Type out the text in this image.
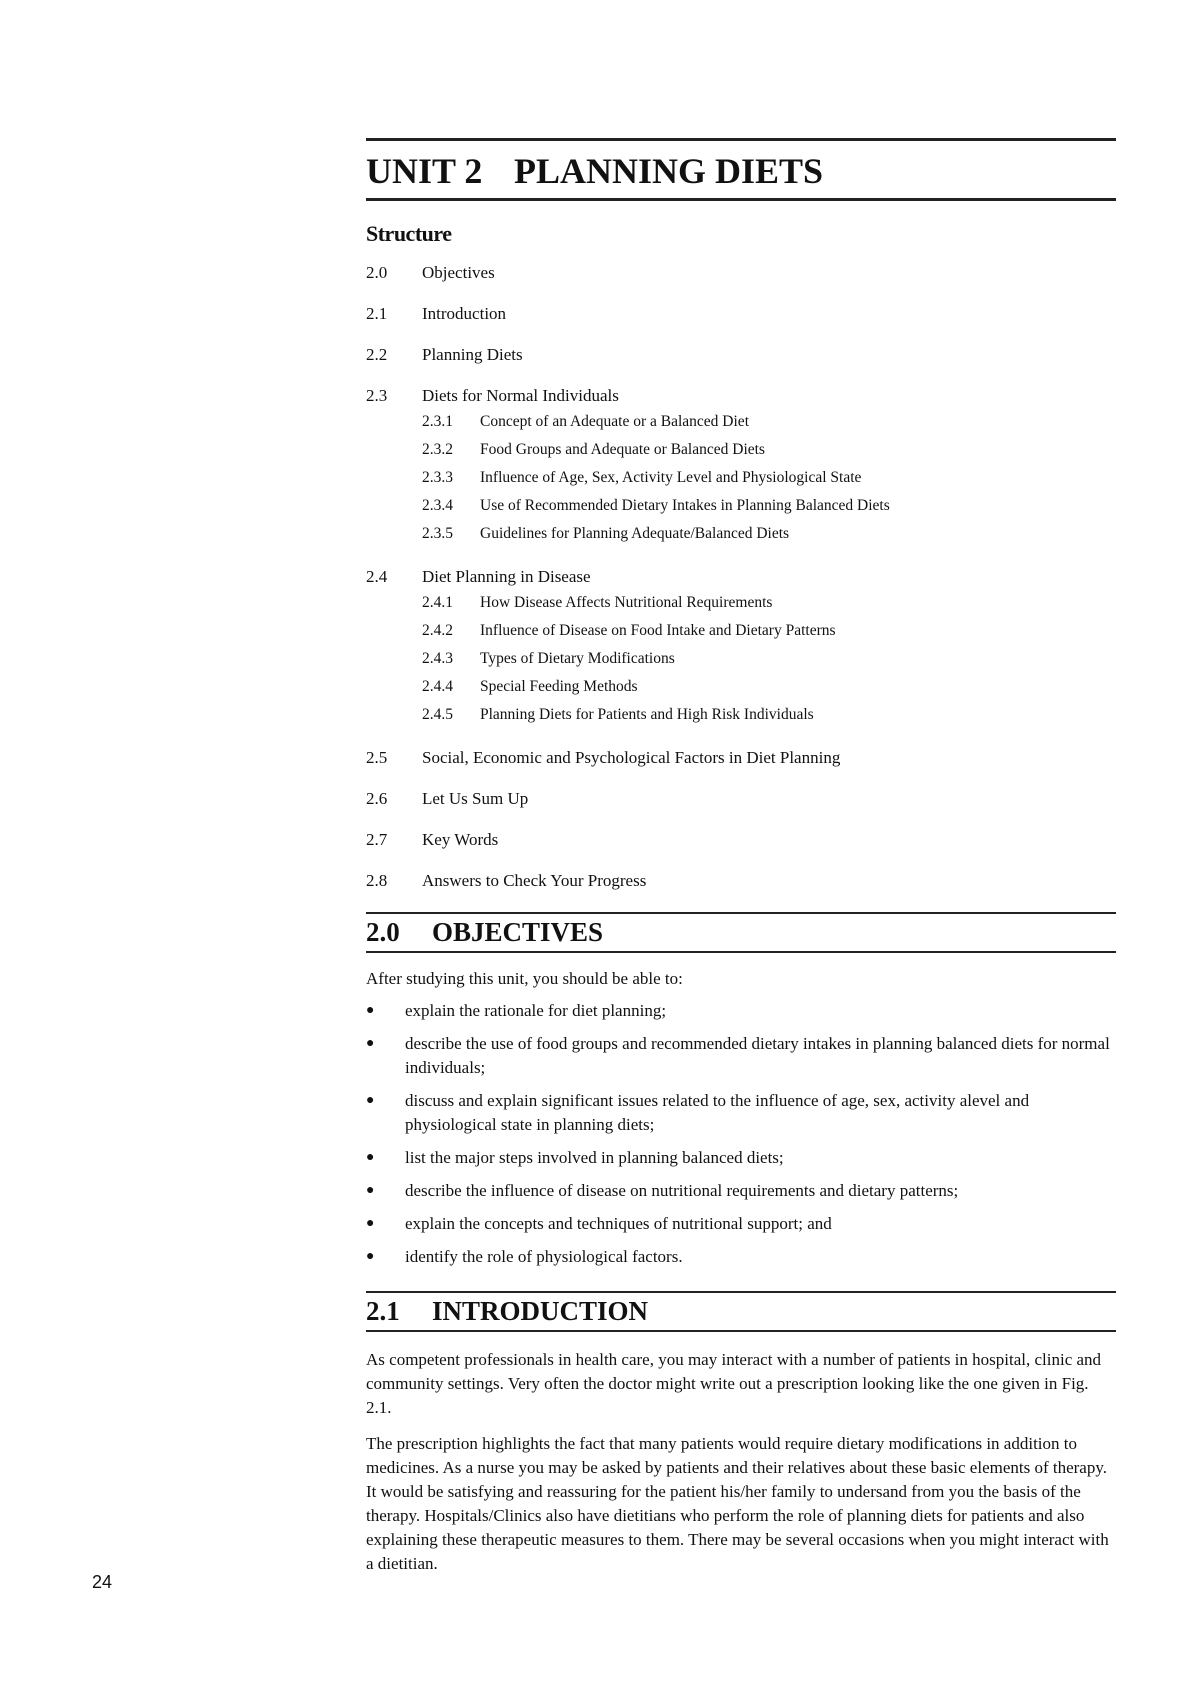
UNIT 2 PLANNING DIETS
Structure
2.0	Objectives
2.1	Introduction
2.2	Planning Diets
2.3	Diets for Normal Individuals
2.3.1	Concept of an Adequate or a Balanced Diet
2.3.2	Food Groups and Adequate or Balanced Diets
2.3.3	Influence of Age, Sex, Activity Level and Physiological State
2.3.4	Use of Recommended Dietary Intakes in Planning Balanced Diets
2.3.5	Guidelines for Planning Adequate/Balanced Diets
2.4	Diet Planning in Disease
2.4.1	How Disease Affects Nutritional Requirements
2.4.2	Influence of Disease on Food Intake and Dietary Patterns
2.4.3	Types of Dietary Modifications
2.4.4	Special Feeding Methods
2.4.5	Planning Diets for Patients and High Risk Individuals
2.5	Social, Economic and Psychological Factors in Diet Planning
2.6	Let Us Sum Up
2.7	Key Words
2.8	Answers to Check Your Progress
2.0	OBJECTIVES
After studying this unit, you should be able to:
●	explain the rationale for diet planning;
●	describe the use of food groups and recommended dietary intakes in planning balanced diets for normal individuals;
●	discuss and explain significant issues related to the influence of age, sex, activity alevel and physiological state in planning diets;
●	list the major steps involved in planning balanced diets;
●	describe the influence of disease on nutritional requirements and dietary patterns;
●	explain the concepts and techniques of nutritional support; and
●	identify the role of physiological factors.
2.1	INTRODUCTION

As competent professionals in health care, you may interact with a number of patients in hospital, clinic and community settings. Very often the doctor might write out a prescription looking like the one given in Fig. 2.1.

The prescription highlights the fact that many patients would require dietary modifications in addition to medicines. As a nurse you may be asked by patients and their relatives about these basic elements of therapy. It would be satisfying and reassuring for the patient his/her family to undersand from you the basis of the therapy. Hospitals/Clinics also have dietitians who perform the role of planning diets for patients and also explaining these therapeutic measures to them. There may be several occasions when you might interact with a dietitian.

24
